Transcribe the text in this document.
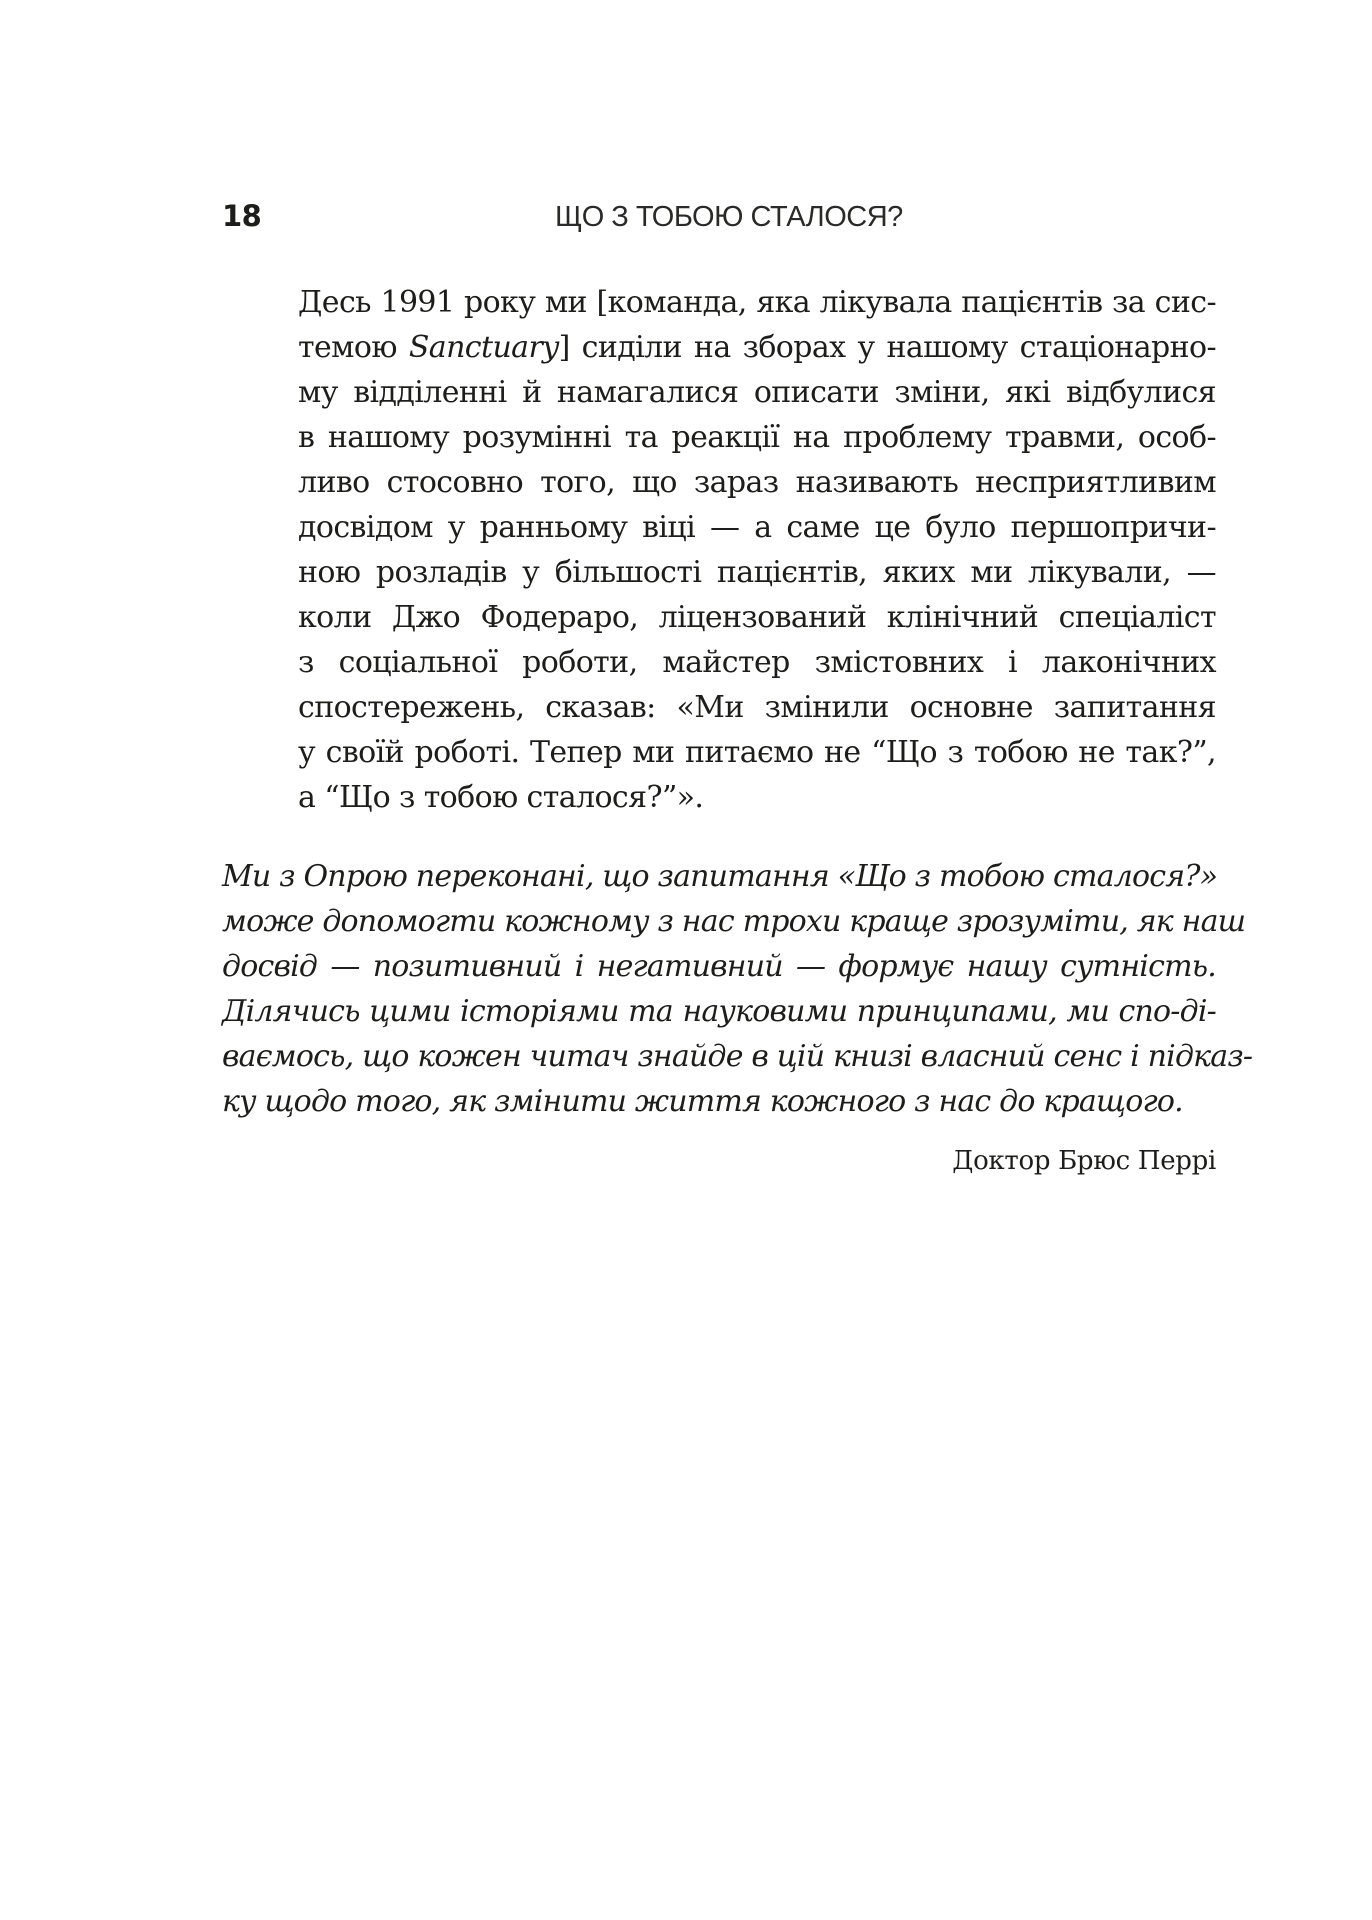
18	ЩО З ТОБОЮ СТАЛОСЯ?
Десь 1991 року ми [команда, яка лікувала пацієнтів за сис-
темою Sanctuary] сиділи на зборах у нашому стаціонарно-
му відділенні й намагалися описати зміни, які відбулися
в нашому розумінні та реакції на проблему травми, особ-
ливо стосовно того, що зараз називають несприятливим
досвідом у ранньому віці — а саме це було першопричи-
ною розладів у більшості пацієнтів, яких ми лікували, —
коли Джо Фодераро, ліцензований клінічний спеціаліст
з соціальної роботи, майстер змістовних і лаконічних
спостережень, сказав: «Ми змінили основне запитання
у своїй роботі. Тепер ми питаємо не “Що з тобою не так?”,
а “Що з тобою сталося?”».
Ми з Опрою переконані, що запитання «Що з тобою сталося?»
може допомогти кожному з нас трохи краще зрозуміти, як наш
досвід — позитивний і негативний — формує нашу сутність.
Ділячись цими історіями та науковими принципами, ми спо-ді-
ваємось, що кожен читач знайде в цій книзі власний сенс і підказ-
ку щодо того, як змінити життя кожного з нас до кращого.
Доктор Брюс Перрі
